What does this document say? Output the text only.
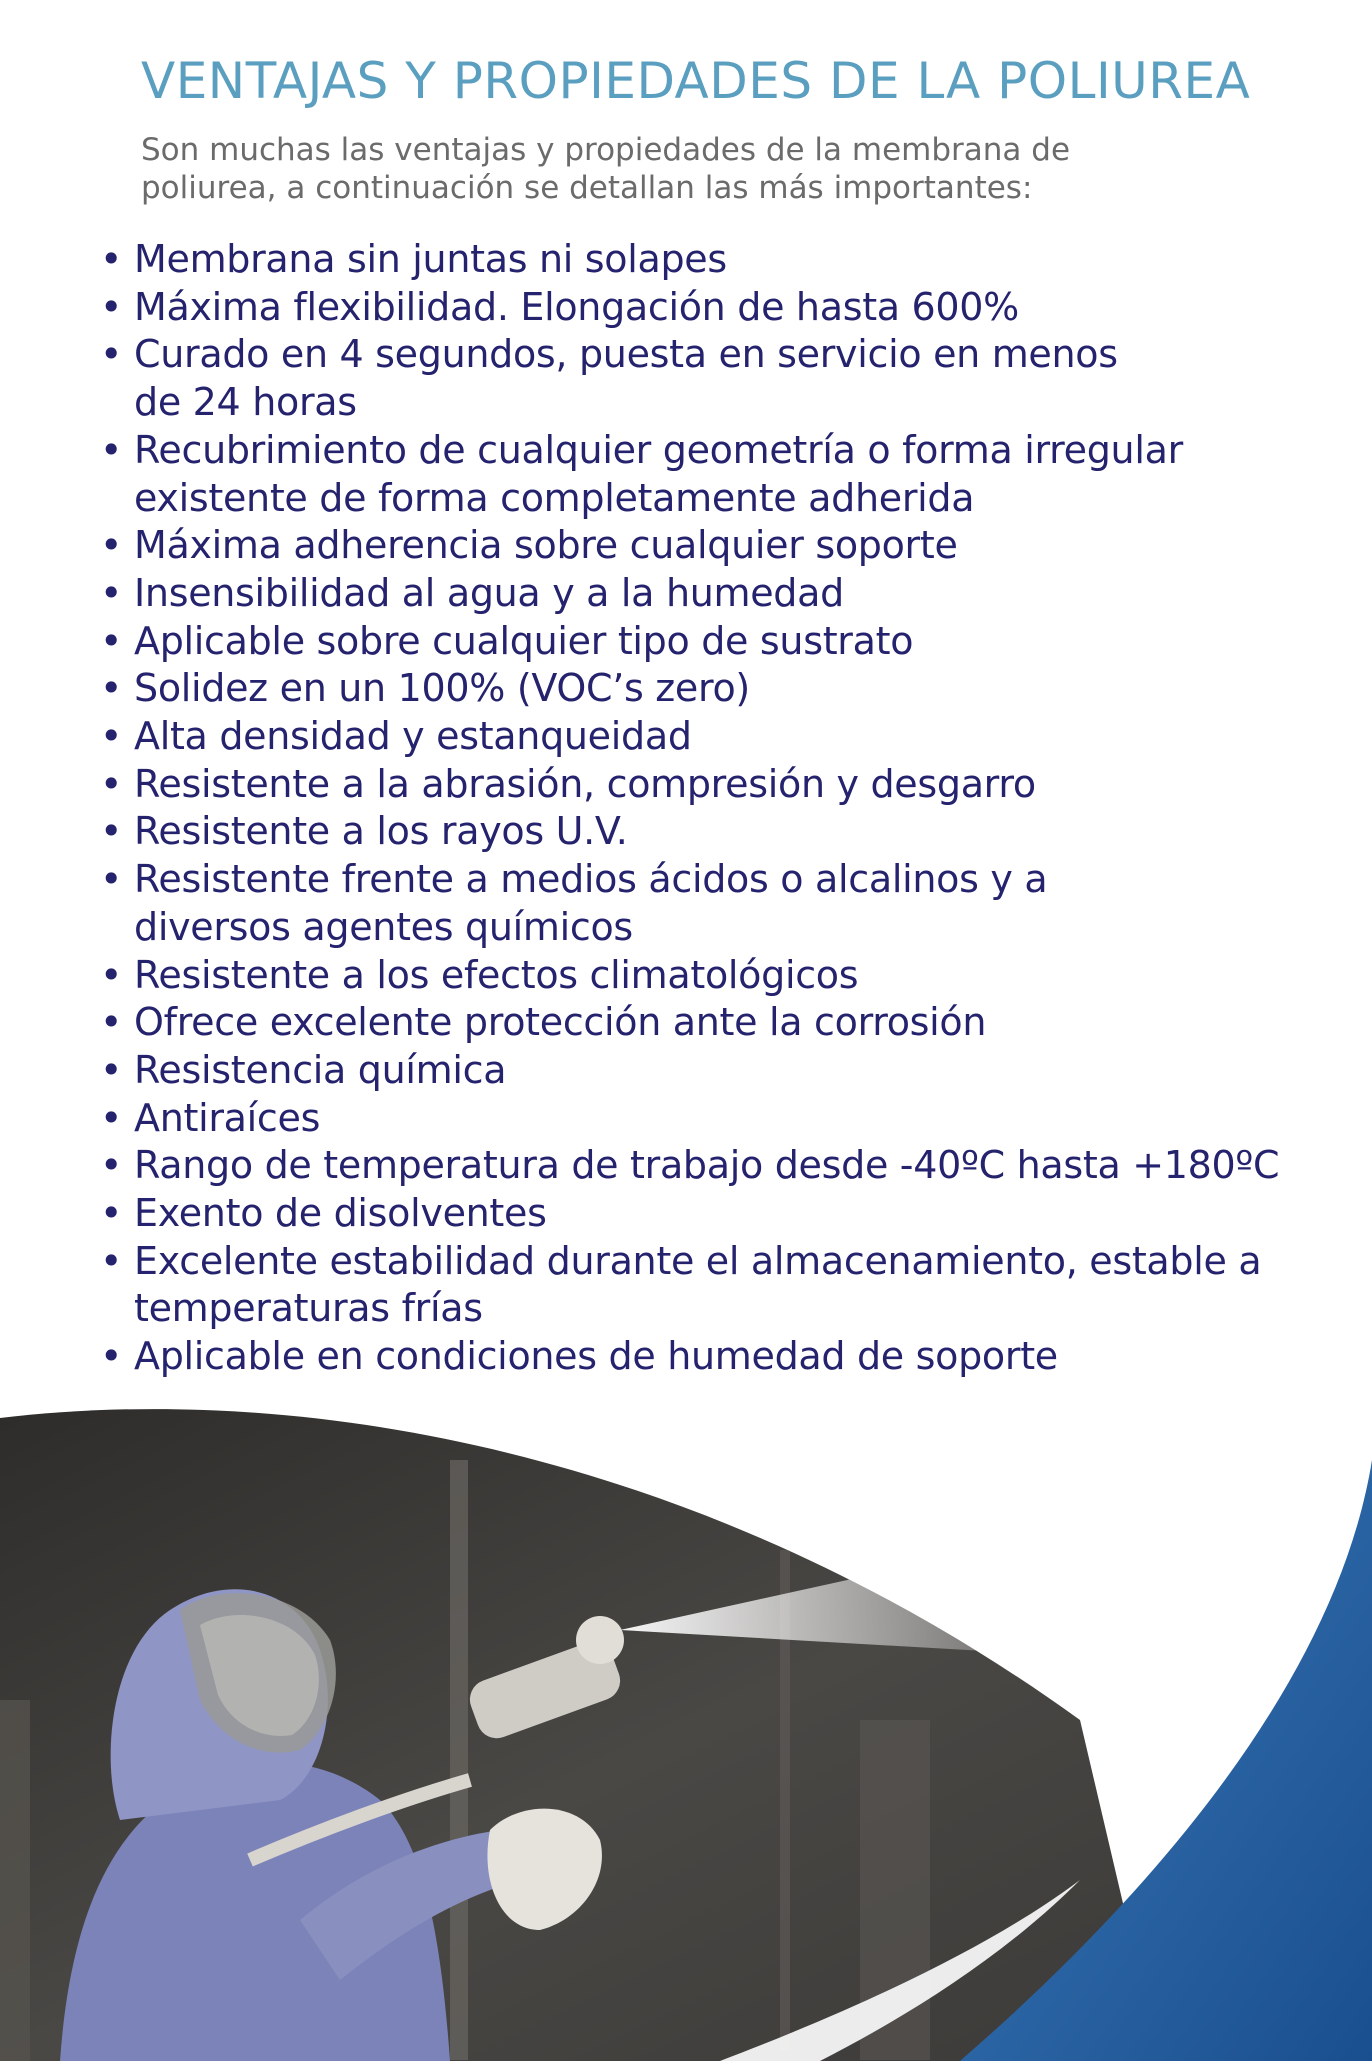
VENTAJAS Y PROPIEDADES DE LA POLIUREA

Son muchas las ventajas y propiedades de la membrana de
poliurea, a continuación se detallan las más importantes:

• Membrana sin juntas ni solapes
• Máxima flexibilidad. Elongación de hasta 600%
• Curado en 4 segundos, puesta en servicio en menos de 24 horas
• Recubrimiento de cualquier geometría o forma irregular existente de forma completamente adherida
• Máxima adherencia sobre cualquier soporte
• Insensibilidad al agua y a la humedad
• Aplicable sobre cualquier tipo de sustrato
• Solidez en un 100% (VOC’s zero)
• Alta densidad y estanqueidad
• Resistente a la abrasión, compresión y desgarro
• Resistente a los rayos U.V.
• Resistente frente a medios ácidos o alcalinos y a diversos agentes químicos
• Resistente a los efectos climatológicos
• Ofrece excelente protección ante la corrosión
• Resistencia química
• Antiraíces
• Rango de temperatura de trabajo desde -40ºC hasta +180ºC
• Exento de disolventes
• Excelente estabilidad durante el almacenamiento, estable a temperaturas frías
• Aplicable en condiciones de humedad de soporte
